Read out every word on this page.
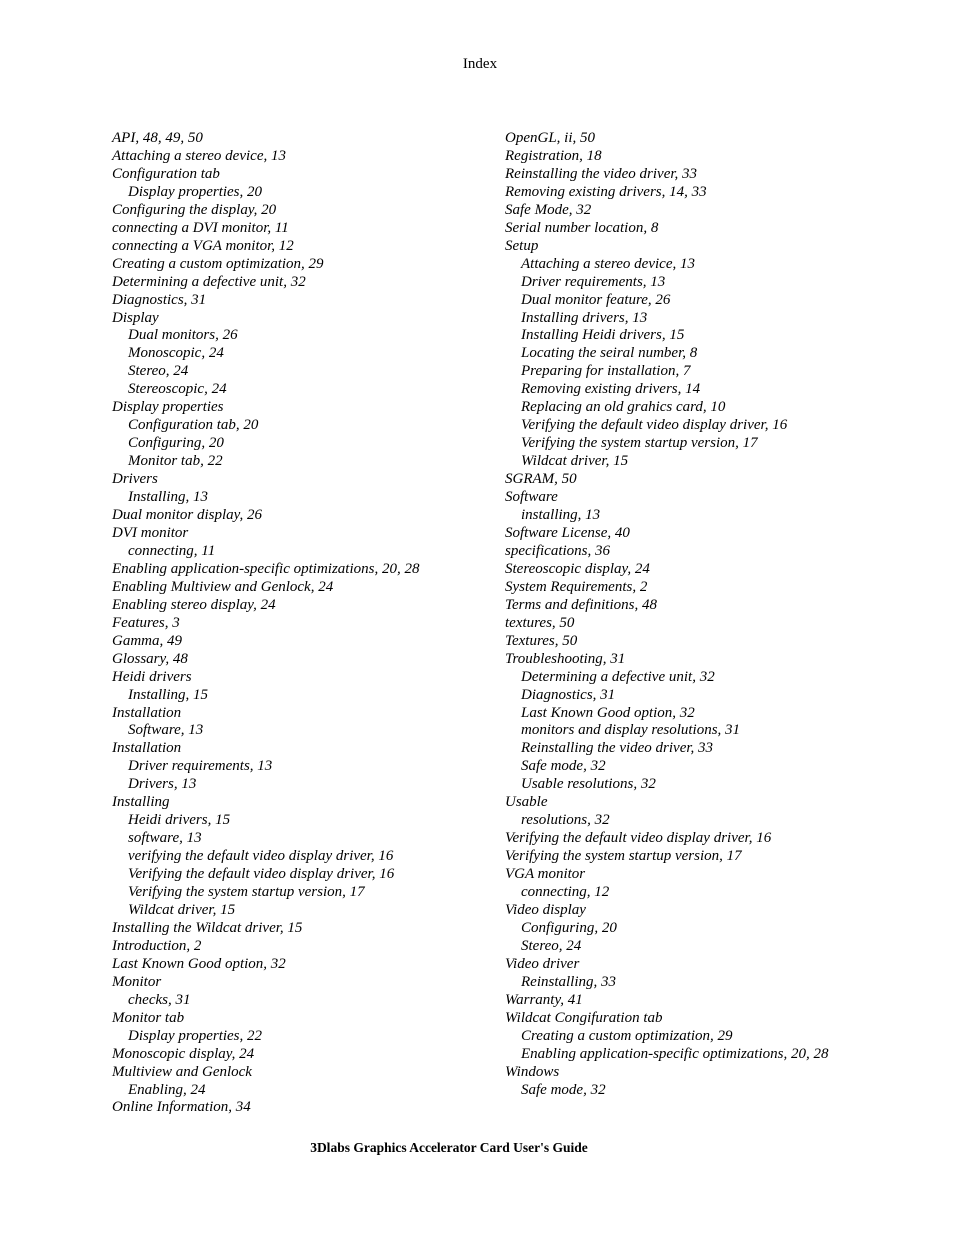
Index
API, 48, 49, 50
Attaching a stereo device, 13
Configuration tab
Display properties, 20
Configuring the display, 20
connecting a DVI monitor, 11
connecting a VGA monitor, 12
Creating a custom optimization, 29
Determining a defective unit, 32
Diagnostics, 31
Display
Dual monitors, 26
Monoscopic, 24
Stereo, 24
Stereoscopic, 24
Display properties
Configuration tab, 20
Configuring, 20
Monitor tab, 22
Drivers
Installing, 13
Dual monitor display, 26
DVI monitor
connecting, 11
Enabling application-specific optimizations, 20, 28
Enabling Multiview and Genlock, 24
Enabling stereo display, 24
Features, 3
Gamma, 49
Glossary, 48
Heidi drivers
Installing, 15
Installation
Software, 13
Installation
Driver requirements, 13
Drivers, 13
Installing
Heidi drivers, 15
software, 13
verifying the default video display driver, 16
Verifying the default video display driver, 16
Verifying the system startup version, 17
Wildcat driver, 15
Installing the Wildcat driver, 15
Introduction, 2
Last Known Good option, 32
Monitor
checks, 31
Monitor tab
Display properties, 22
Monoscopic display, 24
Multiview and Genlock
Enabling, 24
Online Information, 34
OpenGL, ii, 50
Registration, 18
Reinstalling the video driver, 33
Removing existing drivers, 14, 33
Safe Mode, 32
Serial number location, 8
Setup
Attaching a stereo device, 13
Driver requirements, 13
Dual monitor feature, 26
Installing drivers, 13
Installing Heidi drivers, 15
Locating the seiral number, 8
Preparing for installation, 7
Removing existing drivers, 14
Replacing an old grahics card, 10
Verifying the default video display driver, 16
Verifying the system startup version, 17
Wildcat driver, 15
SGRAM, 50
Software
installing, 13
Software License, 40
specifications, 36
Stereoscopic display, 24
System Requirements, 2
Terms and definitions, 48
textures, 50
Textures, 50
Troubleshooting, 31
Determining a defective unit, 32
Diagnostics, 31
Last Known Good option, 32
monitors and display resolutions, 31
Reinstalling the video driver, 33
Safe mode, 32
Usable resolutions, 32
Usable
resolutions, 32
Verifying the default video display driver, 16
Verifying the system startup version, 17
VGA monitor
connecting, 12
Video display
Configuring, 20
Stereo, 24
Video driver
Reinstalling, 33
Warranty, 41
Wildcat Congifuration tab
Creating a custom optimization, 29
Enabling application-specific optimizations, 20, 28
Windows
Safe mode, 32
3Dlabs Graphics Accelerator Card User's Guide
